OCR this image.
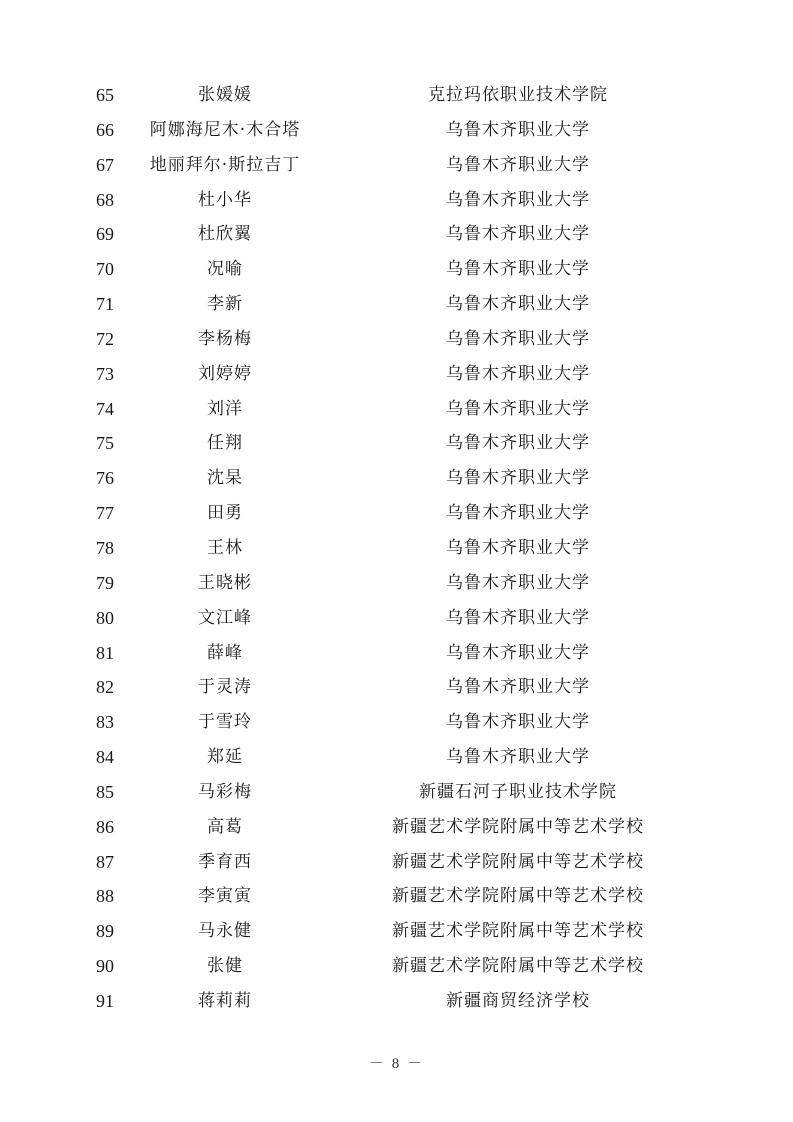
65	张媛媛	克拉玛依职业技术学院
66	阿娜海尼木·木合塔	乌鲁木齐职业大学
67	地丽拜尔·斯拉吉丁	乌鲁木齐职业大学
68	杜小华	乌鲁木齐职业大学
69	杜欣翼	乌鲁木齐职业大学
70	况喻	乌鲁木齐职业大学
71	李新	乌鲁木齐职业大学
72	李杨梅	乌鲁木齐职业大学
73	刘婷婷	乌鲁木齐职业大学
74	刘洋	乌鲁木齐职业大学
75	任翔	乌鲁木齐职业大学
76	沈杲	乌鲁木齐职业大学
77	田勇	乌鲁木齐职业大学
78	王林	乌鲁木齐职业大学
79	王晓彬	乌鲁木齐职业大学
80	文江峰	乌鲁木齐职业大学
81	薛峰	乌鲁木齐职业大学
82	于灵涛	乌鲁木齐职业大学
83	于雪玲	乌鲁木齐职业大学
84	郑延	乌鲁木齐职业大学
85	马彩梅	新疆石河子职业技术学院
86	高葛	新疆艺术学院附属中等艺术学校
87	季育西	新疆艺术学院附属中等艺术学校
88	李寅寅	新疆艺术学院附属中等艺术学校
89	马永健	新疆艺术学院附属中等艺术学校
90	张健	新疆艺术学院附属中等艺术学校
91	蒋莉莉	新疆商贸经济学校
－ 8 －
